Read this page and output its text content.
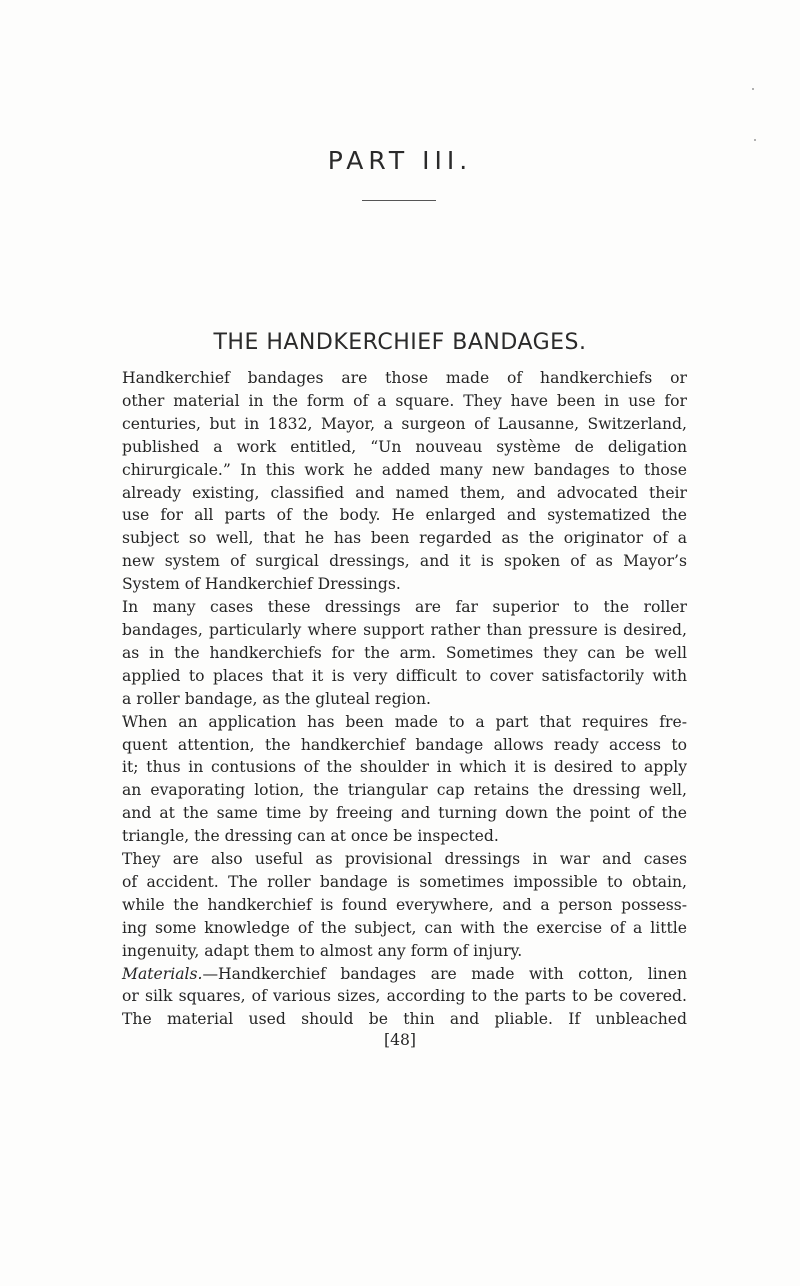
PART III.
THE HANDKERCHIEF BANDAGES.
Handkerchief bandages are those made of handkerchiefs or
other material in the form of a square. They have been in use for
centuries, but in 1832, Mayor, a surgeon of Lausanne, Switzerland,
published a work entitled, “Un nouveau système de deligation
chirurgicale.” In this work he added many new bandages to those
already existing, classified and named them, and advocated their
use for all parts of the body. He enlarged and systematized the
subject so well, that he has been regarded as the originator of a
new system of surgical dressings, and it is spoken of as Mayor’s
System of Handkerchief Dressings.
In many cases these dressings are far superior to the roller
bandages, particularly where support rather than pressure is desired,
as in the handkerchiefs for the arm. Sometimes they can be well
applied to places that it is very difficult to cover satisfactorily with
a roller bandage, as the gluteal region.
When an application has been made to a part that requires fre-
quent attention, the handkerchief bandage allows ready access to
it; thus in contusions of the shoulder in which it is desired to apply
an evaporating lotion, the triangular cap retains the dressing well,
and at the same time by freeing and turning down the point of the
triangle, the dressing can at once be inspected.
They are also useful as provisional dressings in war and cases
of accident. The roller bandage is sometimes impossible to obtain,
while the handkerchief is found everywhere, and a person possess-
ing some knowledge of the subject, can with the exercise of a little
ingenuity, adapt them to almost any form of injury.
Materials.—Handkerchief bandages are made with cotton, linen
or silk squares, of various sizes, according to the parts to be covered.
The material used should be thin and pliable. If unbleached
[48]
